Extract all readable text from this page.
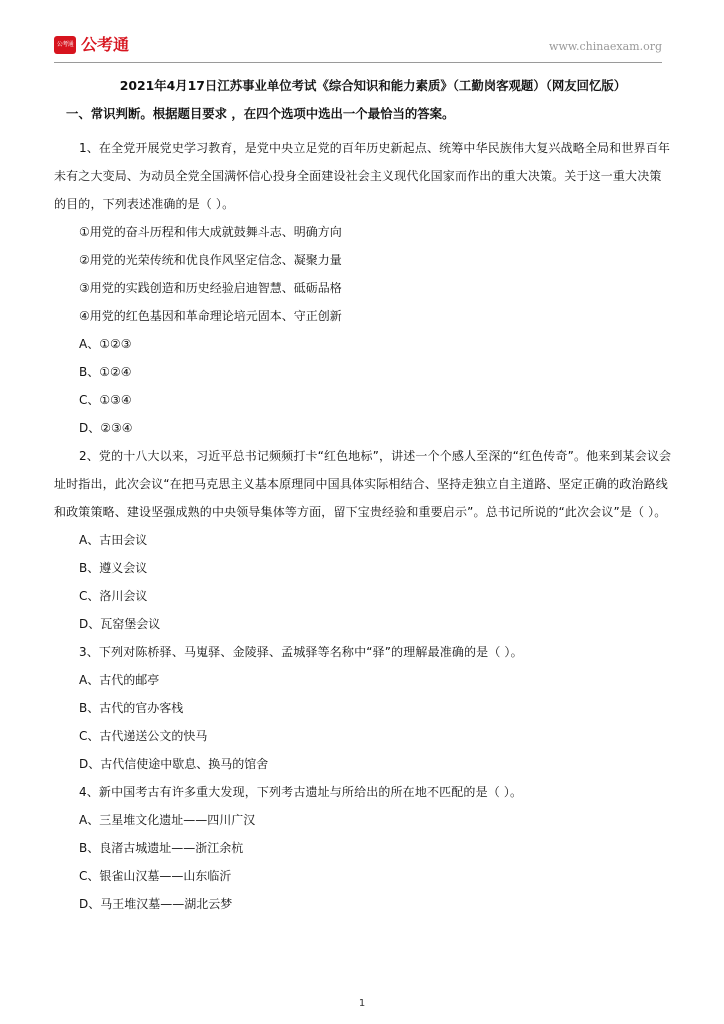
公考通 公考通	www.chinaexam.org

2021年4月17日江苏事业单位考试《综合知识和能力素质》（工勤岗客观题）（网友回忆版）

一、常识判断。根据题目要求 ，在四个选项中选出一个最恰当的答案。

1、在全党开展党史学习教育，是党中央立足党的百年历史新起点、统筹中华民族伟大复兴战略全局和世界百年未有之大变局、为动员全党全国满怀信心投身全面建设社会主义现代化国家而作出的重大决策。关于这一重大决策的目的，下列表述准确的是（ ）。

①用党的奋斗历程和伟大成就鼓舞斗志、明确方向

②用党的光荣传统和优良作风坚定信念、凝聚力量

③用党的实践创造和历史经验启迪智慧、砥砺品格

④用党的红色基因和革命理论培元固本、守正创新

A、①②③

B、①②④

C、①③④

D、②③④

2、党的十八大以来，习近平总书记频频打卡“红色地标”，讲述一个个感人至深的“红色传奇”。他来到某会议会址时指出，此次会议“在把马克思主义基本原理同中国具体实际相结合、坚持走独立自主道路、坚定正确的政治路线和政策策略、建设坚强成熟的中央领导集体等方面，留下宝贵经验和重要启示”。总书记所说的“此次会议”是（ ）。

A、古田会议

B、遵义会议

C、洛川会议

D、瓦窑堡会议

3、下列对陈桥驿、马嵬驿、金陵驿、孟城驿等名称中“驿”的理解最准确的是（ ）。

A、古代的邮亭

B、古代的官办客栈

C、古代递送公文的快马

D、古代信使途中歇息、换马的馆舍

4、新中国考古有许多重大发现，下列考古遗址与所给出的所在地不匹配的是（ ）。

A、三星堆文化遗址——四川广汉

B、良渚古城遗址——浙江余杭

C、银雀山汉墓——山东临沂

D、马王堆汉墓——湖北云梦

1
